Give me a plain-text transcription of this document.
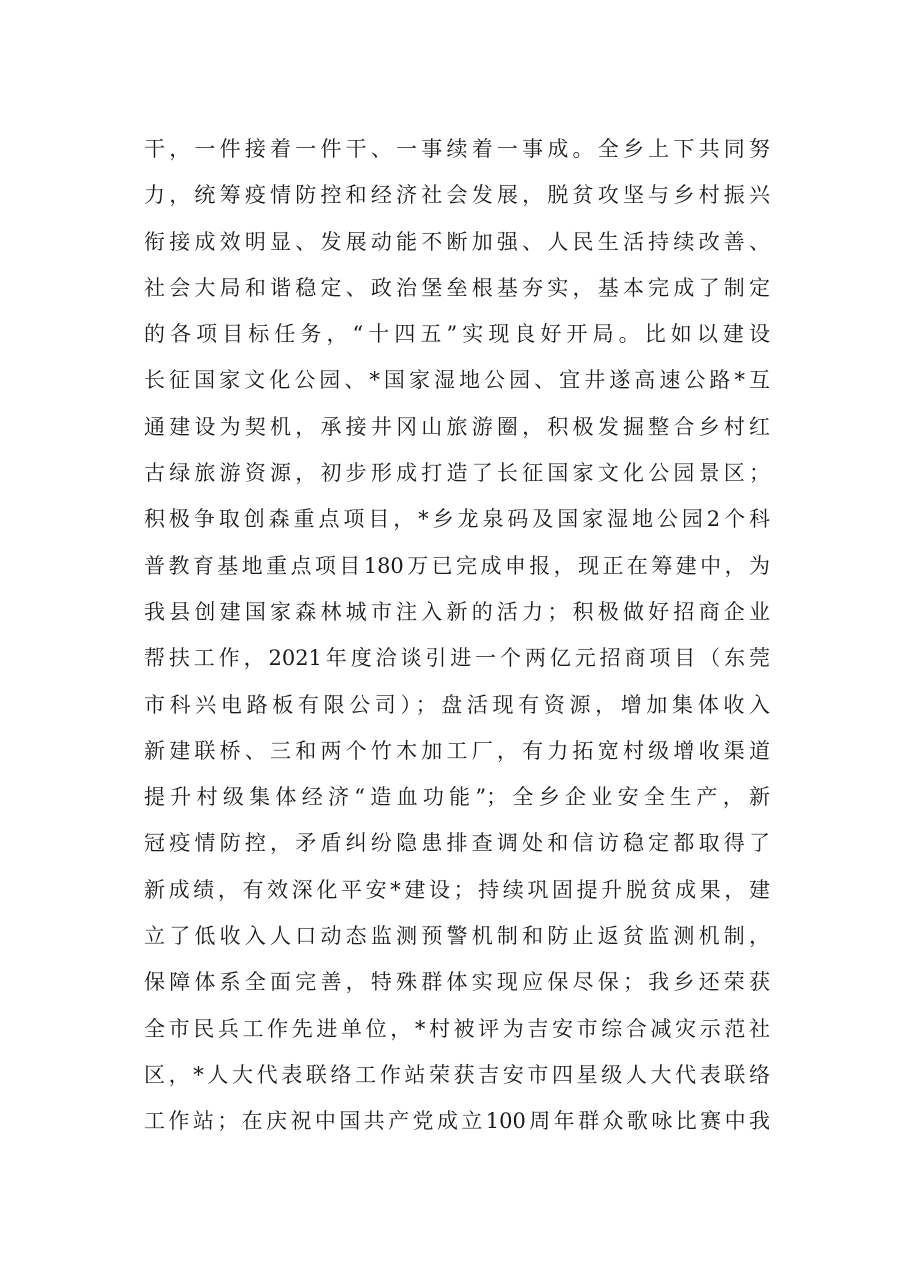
干，一件接着一件干、一事续着一事成。全乡上下共同努
力，统筹疫情防控和经济社会发展，脱贫攻坚与乡村振兴
衔接成效明显、发展动能不断加强、人民生活持续改善、
社会大局和谐稳定、政治堡垒根基夯实，基本完成了制定
的各项目标任务，“十四五”实现良好开局。比如以建设
长征国家文化公园、*国家湿地公园、宜井遂高速公路*互
通建设为契机，承接井冈山旅游圈，积极发掘整合乡村红
古绿旅游资源，初步形成打造了长征国家文化公园景区；
积极争取创森重点项目，*乡龙泉码及国家湿地公园2个科
普教育基地重点项目180万已完成申报，现正在筹建中，为
我县创建国家森林城市注入新的活力；积极做好招商企业
帮扶工作，2021年度洽谈引进一个两亿元招商项目（东莞
市科兴电路板有限公司）；盘活现有资源，增加集体收入
新建联桥、三和两个竹木加工厂，有力拓宽村级增收渠道
提升村级集体经济“造血功能”；全乡企业安全生产，新
冠疫情防控，矛盾纠纷隐患排查调处和信访稳定都取得了
新成绩，有效深化平安*建设；持续巩固提升脱贫成果，建
立了低收入人口动态监测预警机制和防止返贫监测机制，
保障体系全面完善，特殊群体实现应保尽保；我乡还荣获
全市民兵工作先进单位，*村被评为吉安市综合减灾示范社
区，*人大代表联络工作站荣获吉安市四星级人大代表联络
工作站；在庆祝中国共产党成立100周年群众歌咏比赛中我
